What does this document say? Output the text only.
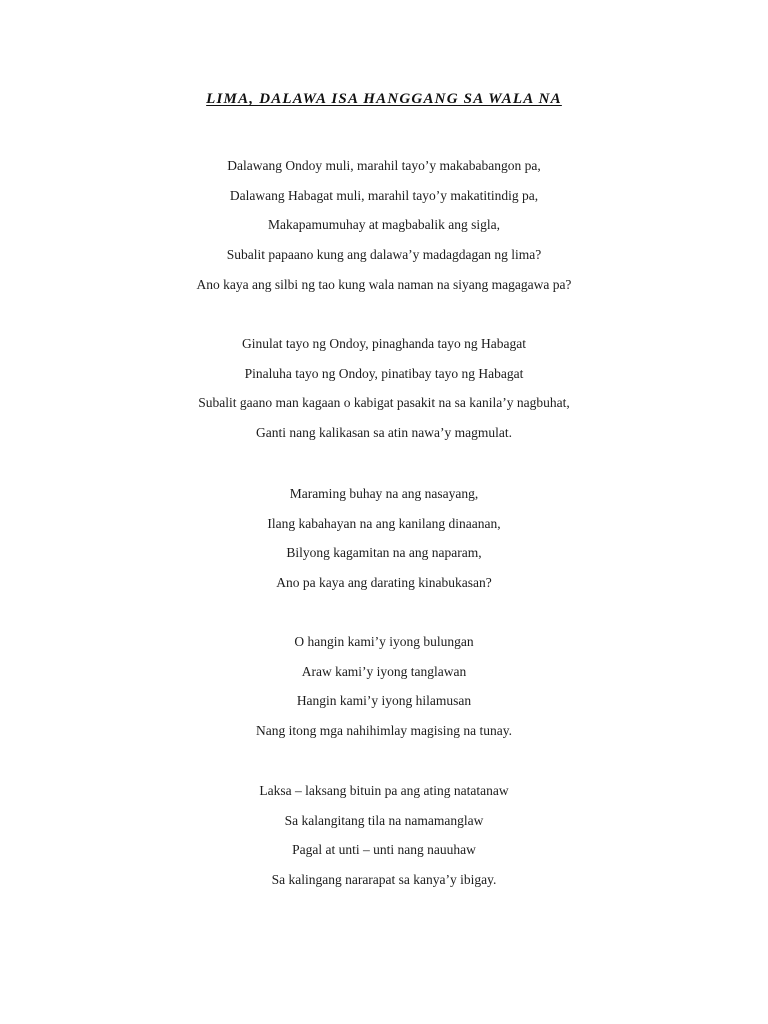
LIMA, DALAWA ISA HANGGANG SA WALA NA
Dalawang Ondoy muli, marahil tayo’y makababangon pa,
Dalawang Habagat muli, marahil tayo’y makatitindig pa,
Makapamumuhay at magbabalik ang sigla,
Subalit papaano kung ang dalawa’y madagdagan ng lima?
Ano kaya ang silbi ng tao kung wala naman na siyang magagawa pa?
Ginulat tayo ng Ondoy, pinaghanda tayo ng Habagat
Pinaluha tayo ng Ondoy, pinatibay tayo ng Habagat
Subalit gaano man kagaan o kabigat pasakit na sa kanila’y nagbuhat,
Ganti nang kalikasan sa atin nawa’y magmulat.
Maraming buhay na ang nasayang,
Ilang kabahayan na ang kanilang dinaanan,
Bilyong kagamitan na ang naparam,
Ano pa kaya ang darating kinabukasan?
O hangin kami’y iyong bulungan
Araw kami’y iyong tanglawan
Hangin kami’y iyong hilamusan
Nang itong mga nahihimlay magising na tunay.
Laksa – laksang bituin pa ang ating natatanaw
Sa kalangitang tila na namamanglaw
Pagal at unti – unti nang nauuhaw
Sa kalingang nararapat sa kanya’y ibigay.
